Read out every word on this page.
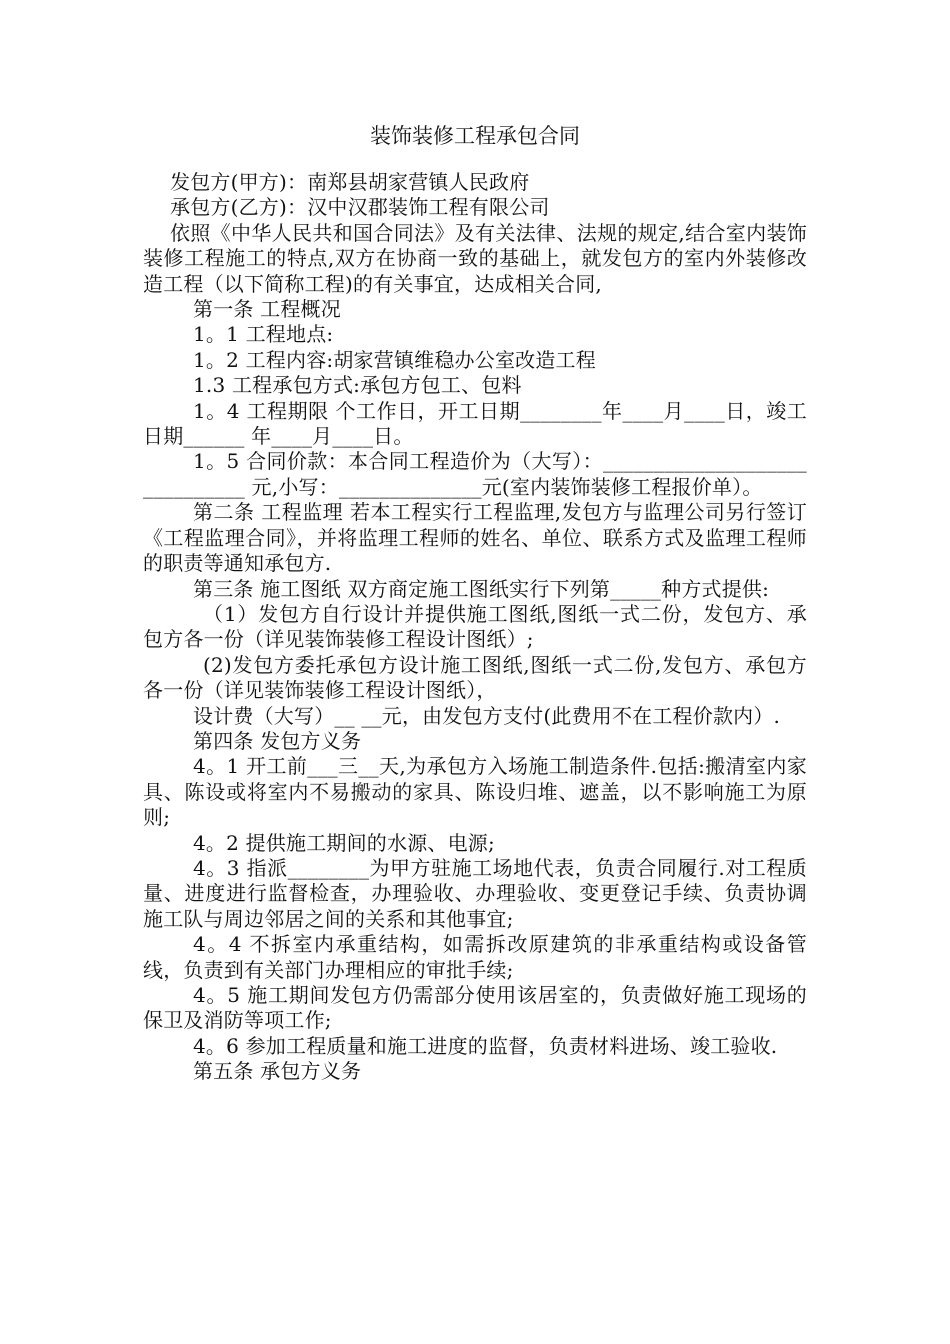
装饰装修工程承包合同

发包方(甲方)：南郑县胡家营镇人民政府

承包方(乙方)：汉中汉郡装饰工程有限公司

依照《中华人民共和国合同法》及有关法律、法规的规定,结合室内装饰装修工程施工的特点,双方在协商一致的基础上，就发包方的室内外装修改造工程（以下简称工程)的有关事宜，达成相关合同,

第一条 工程概况

1。1 工程地点:

1。2 工程内容:胡家营镇维稳办公室改造工程

1.3 工程承包方式:承包方包工、包料

1。4 工程期限 个工作日，开工日期________年____月____日，竣工日期______ 年____月____日。

1。5 合同价款：本合同工程造价为（大写）：______________________________ 元,小写：______________元(室内装饰装修工程报价单）。

第二条 工程监理 若本工程实行工程监理,发包方与监理公司另行签订《工程监理合同》，并将监理工程师的姓名、单位、联系方式及监理工程师的职责等通知承包方.

第三条 施工图纸 双方商定施工图纸实行下列第_____种方式提供:

（1）发包方自行设计并提供施工图纸,图纸一式二份，发包方、承包方各一份（详见装饰装修工程设计图纸）;

(2)发包方委托承包方设计施工图纸,图纸一式二份,发包方、承包方各一份（详见装饰装修工程设计图纸），

设计费（大写）__ __元，由发包方支付(此费用不在工程价款内）.

第四条 发包方义务

4。1 开工前___三__天,为承包方入场施工制造条件.包括:搬清室内家具、陈设或将室内不易搬动的家具、陈设归堆、遮盖，以不影响施工为原则;

4。2 提供施工期间的水源、电源;

4。3 指派________为甲方驻施工场地代表，负责合同履行.对工程质量、进度进行监督检查，办理验收、办理验收、变更登记手续、负责协调施工队与周边邻居之间的关系和其他事宜;

4。4 不拆室内承重结构，如需拆改原建筑的非承重结构或设备管线，负责到有关部门办理相应的审批手续;

4。5 施工期间发包方仍需部分使用该居室的，负责做好施工现场的保卫及消防等项工作;

4。6 参加工程质量和施工进度的监督，负责材料进场、竣工验收.

第五条 承包方义务
